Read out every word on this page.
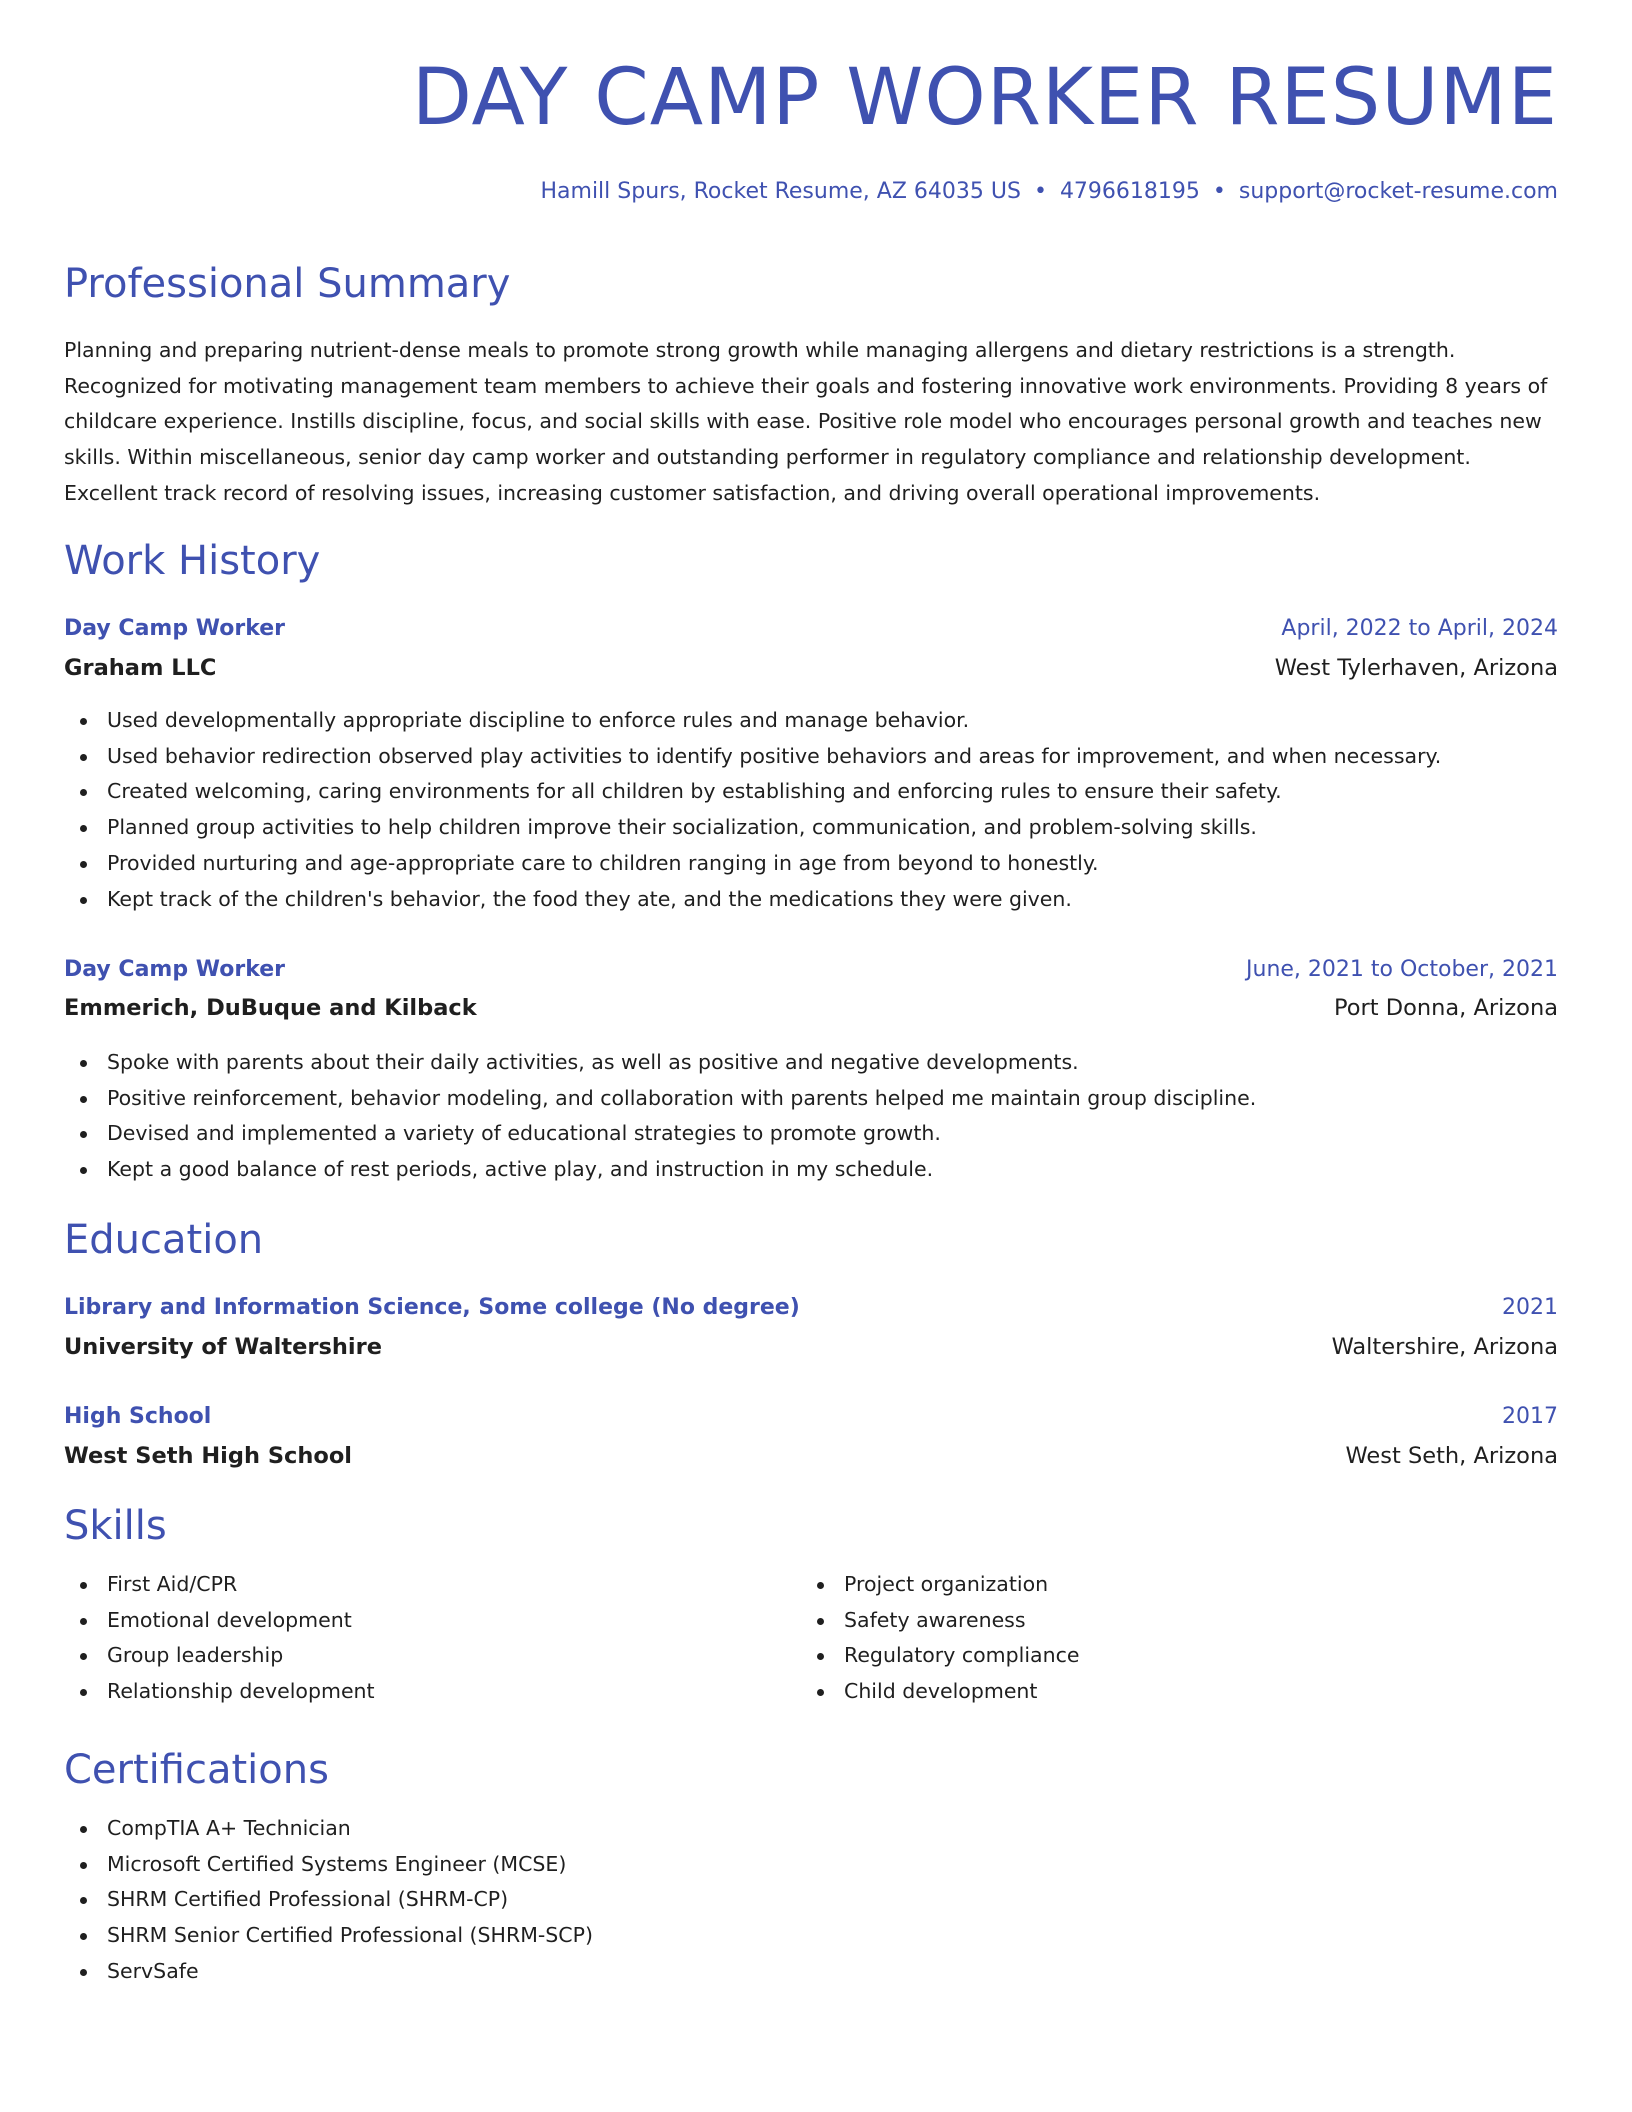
DAY CAMP WORKER RESUME
Hamill Spurs, Rocket Resume, AZ 64035 US • 4796618195 • support@rocket-resume.com
Professional Summary

Planning and preparing nutrient-dense meals to promote strong growth while managing allergens and dietary restrictions is a strength. Recognized for motivating management team members to achieve their goals and fostering innovative work environments. Providing 8 years of childcare experience. Instills discipline, focus, and social skills with ease. Positive role model who encourages personal growth and teaches new skills. Within miscellaneous, senior day camp worker and outstanding performer in regulatory compliance and relationship development. Excellent track record of resolving issues, increasing customer satisfaction, and driving overall operational improvements.

Work History
Day Camp Worker	April, 2022 to April, 2024
Graham LLC	West Tylerhaven, Arizona
Used developmentally appropriate discipline to enforce rules and manage behavior.
Used behavior redirection observed play activities to identify positive behaviors and areas for improvement, and when necessary.
Created welcoming, caring environments for all children by establishing and enforcing rules to ensure their safety.
Planned group activities to help children improve their socialization, communication, and problem-solving skills.
Provided nurturing and age-appropriate care to children ranging in age from beyond to honestly.
Kept track of the children's behavior, the food they ate, and the medications they were given.
Day Camp Worker	June, 2021 to October, 2021
Emmerich, DuBuque and Kilback	Port Donna, Arizona
Spoke with parents about their daily activities, as well as positive and negative developments.
Positive reinforcement, behavior modeling, and collaboration with parents helped me maintain group discipline.
Devised and implemented a variety of educational strategies to promote growth.
Kept a good balance of rest periods, active play, and instruction in my schedule.
Education
Library and Information Science, Some college (No degree)	2021
University of Waltershire	Waltershire, Arizona
High School	2017
West Seth High School	West Seth, Arizona
Skills
First Aid/CPR
Emotional development
Group leadership
Relationship development
Project organization
Safety awareness
Regulatory compliance
Child development
Certifications
CompTIA A+ Technician
Microsoft Certified Systems Engineer (MCSE)
SHRM Certified Professional (SHRM-CP)
SHRM Senior Certified Professional (SHRM-SCP)
ServSafe
